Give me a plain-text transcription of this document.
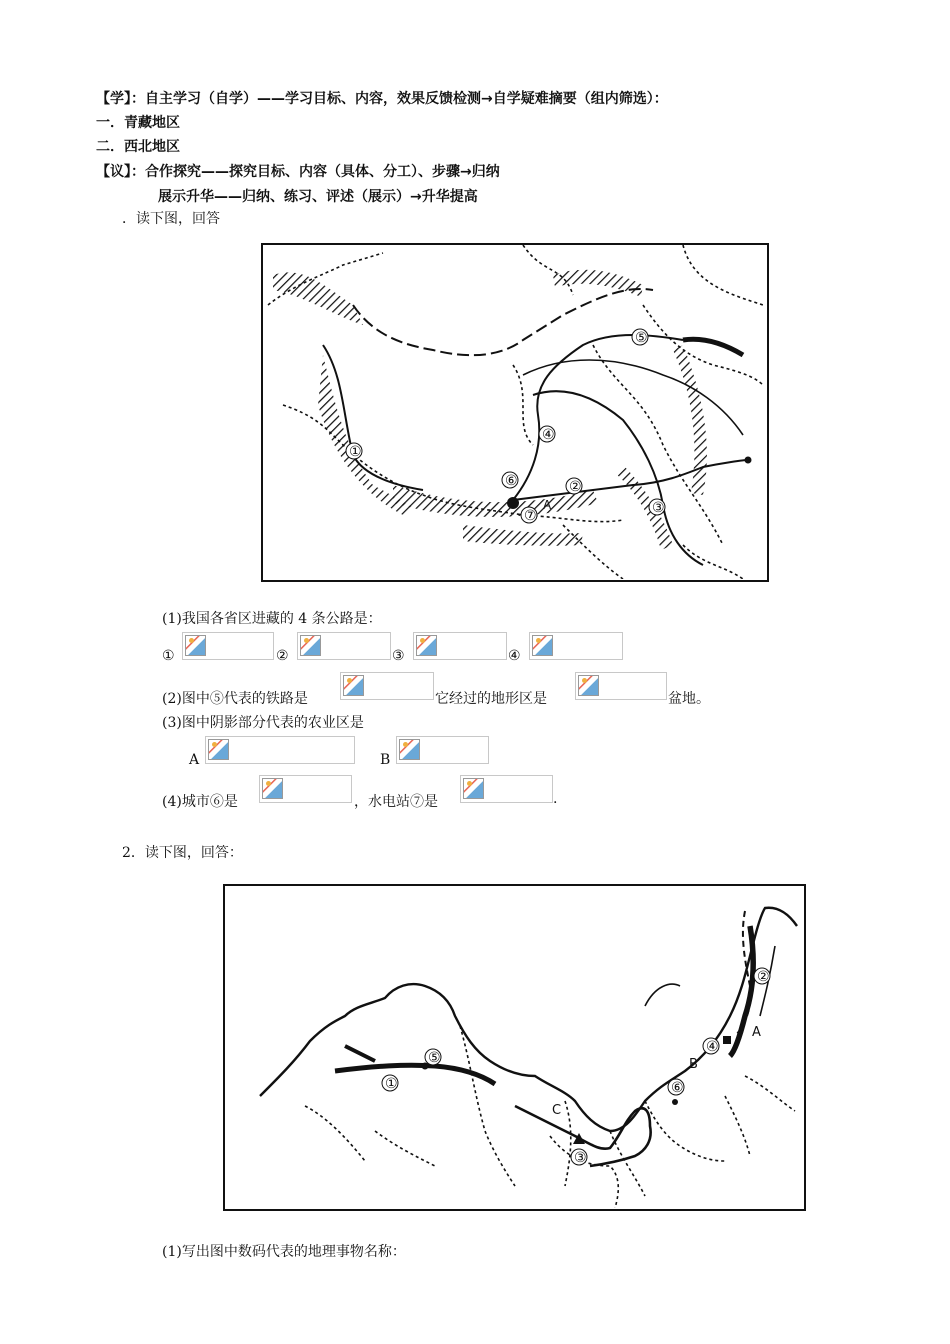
【学】：自主学习（自学）——学习目标、内容，效果反馈检测→自学疑难摘要（组内筛选）：
一．青藏地区
二．西北地区
【议】：合作探究——探究目标、内容（具体、分工）、步骤→归纳
展示升华——归纳、练习、评述（展示）→升华提高
．读下图，回答
①
②
③
④
⑤
⑥
⑦
A
(1)我国各省区进藏的 4 条公路是：
①	②	③	④
(2)图中⑤代表的铁路是	它经过的地形区是	盆地。
(3)图中阴影部分代表的农业区是
A	B
(4)城市⑥是	，水电站⑦是	.
2．读下图，回答：
①
②
③
④
⑤
⑥
A
B
C
(1)写出图中数码代表的地理事物名称：
